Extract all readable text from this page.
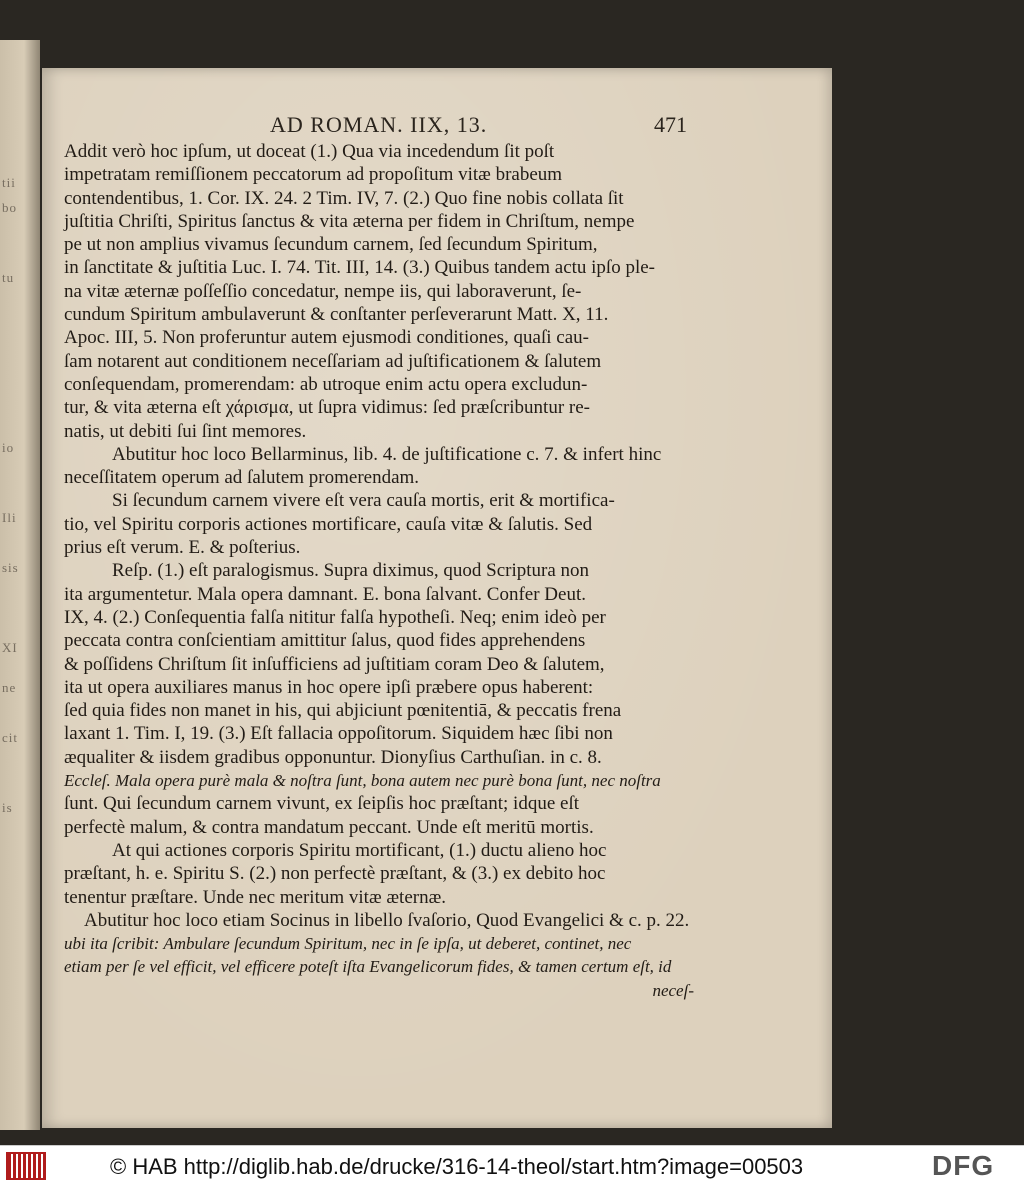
tii
bo
tu
io
Ili
sis
XI
ne
cit
is
AD ROMAN. IIX, 13.	471
Addit verò hoc ipſum, ut doceat (1.) Qua via incedendum ſit poſt
impetratam remiſſionem peccatorum ad propoſitum vitæ brabeum
contendentibus, 1. Cor. IX. 24. 2 Tim. IV, 7. (2.) Quo fine nobis collata ſit
juſtitia Chriſti, Spiritus ſanctus & vita æterna per fidem in Chriſtum, nempe
pe ut non amplius vivamus ſecundum carnem, ſed ſecundum Spiritum,
in ſanctitate & juſtitia Luc. I. 74. Tit. III, 14. (3.) Quibus tandem actu ipſo ple-
na vitæ æternæ poſſeſſio concedatur, nempe iis, qui laboraverunt, ſe-
cundum Spiritum ambulaverunt & conſtanter perſeverarunt Matt. X, 11.
Apoc. III, 5. Non proferuntur autem ejusmodi conditiones, quaſi cau-
ſam notarent aut conditionem neceſſariam ad juſtificationem & ſalutem
conſequendam, promerendam: ab utroque enim actu opera excludun-
tur, & vita æterna eſt χάρισμα, ut ſupra vidimus: ſed præſcribuntur re-
natis, ut debiti ſui ſint memores.
Abutitur hoc loco Bellarminus, lib. 4. de juſtificatione c. 7. & infert hinc
neceſſitatem operum ad ſalutem promerendam.
Si ſecundum carnem vivere eſt vera cauſa mortis, erit & mortifica-
tio, vel Spiritu corporis actiones mortificare, cauſa vitæ & ſalutis. Sed
prius eſt verum. E. & poſterius.
Reſp. (1.) eſt paralogismus. Supra diximus, quod Scriptura non
ita argumentetur. Mala opera damnant. E. bona ſalvant. Confer Deut.
IX, 4. (2.) Conſequentia falſa nititur falſa hypotheſi. Neq; enim ideò per
peccata contra conſcientiam amittitur ſalus, quod fides apprehendens
& poſſidens Chriſtum ſit inſufficiens ad juſtitiam coram Deo & ſalutem,
ita ut opera auxiliares manus in hoc opere ipſi præbere opus haberent:
ſed quia fides non manet in his, qui abjiciunt pœnitentiā, & peccatis frena
laxant 1. Tim. I, 19. (3.) Eſt fallacia oppoſitorum. Siquidem hæc ſibi non
æqualiter & iisdem gradibus opponuntur. Dionyſius Carthuſian. in c. 8.
Eccleſ. Mala opera purè mala & noſtra ſunt, bona autem nec purè bona ſunt, nec noſtra
ſunt. Qui ſecundum carnem vivunt, ex ſeipſis hoc præſtant; idque eſt
perfectè malum, & contra mandatum peccant. Unde eſt meritū mortis.
At qui actiones corporis Spiritu mortificant, (1.) ductu alieno hoc
præſtant, h. e. Spiritu S. (2.) non perfectè præſtant, & (3.) ex debito hoc
tenentur præſtare. Unde nec meritum vitæ æternæ.
Abutitur hoc loco etiam Socinus in libello ſvaſorio, Quod Evangelici & c. p. 22.
ubi ita ſcribit: Ambulare ſecundum Spiritum, nec in ſe ipſa, ut deberet, continet, nec
etiam per ſe vel efficit, vel efficere poteſt iſta Evangelicorum fides, & tamen certum eſt, id
neceſ-
© HAB http://diglib.hab.de/drucke/316-14-theol/start.htm?image=00503	DFG
